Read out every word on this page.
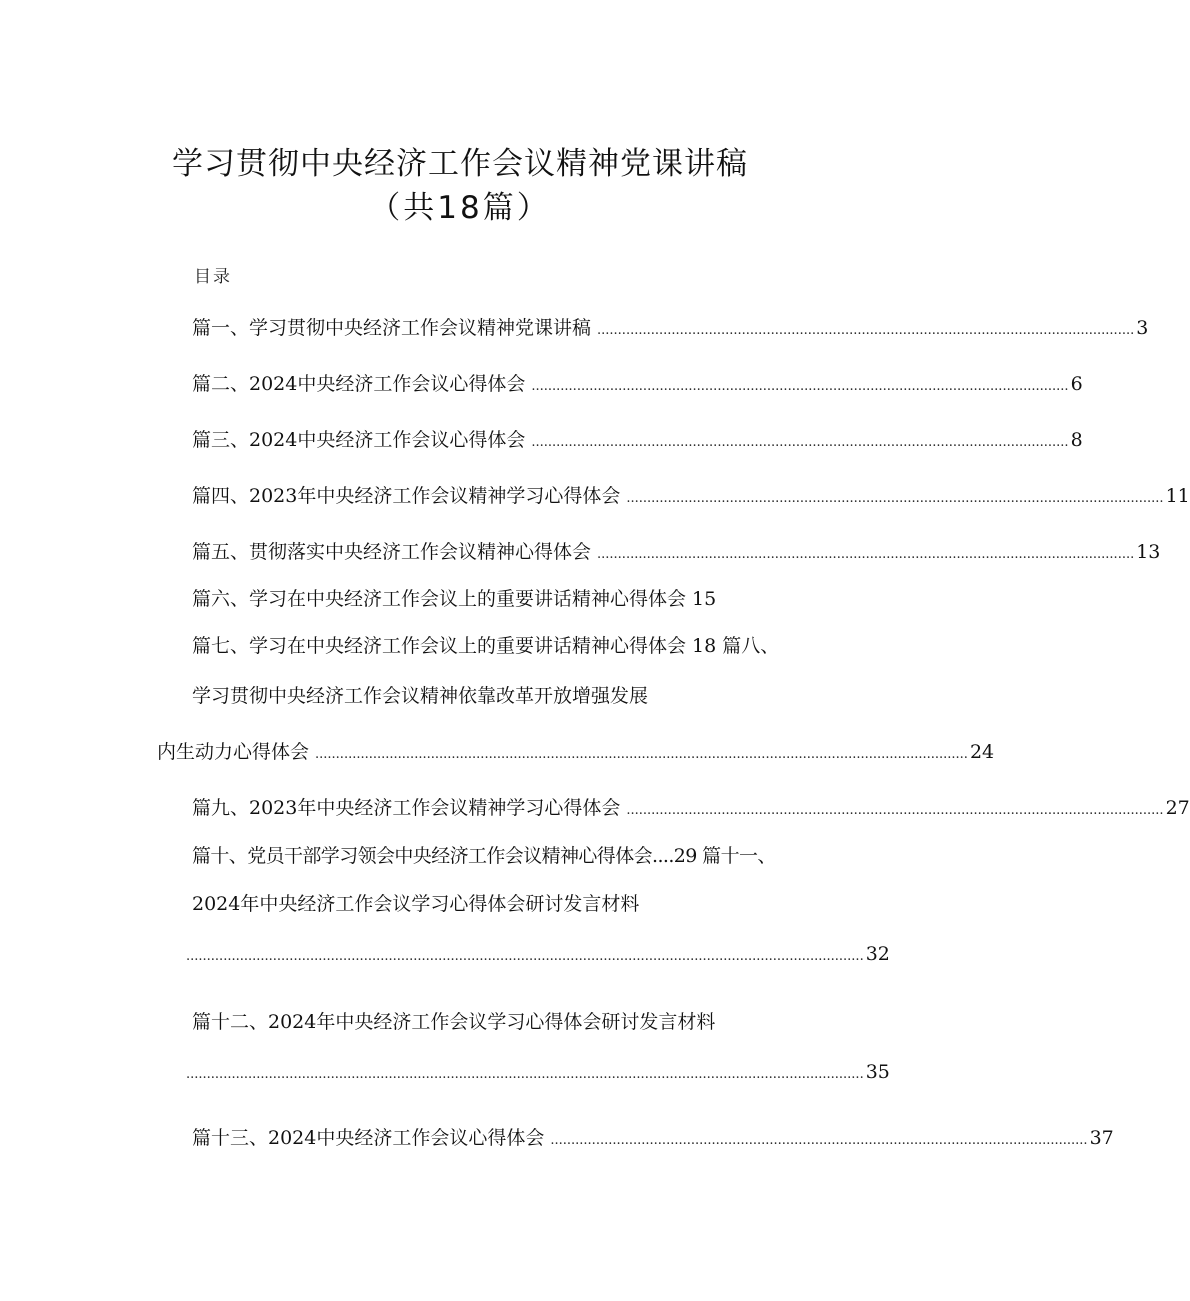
学习贯彻中央经济工作会议精神党课讲稿
（共18篇）
目录
篇一、学习贯彻中央经济工作会议精神党课讲稿 .................................................................................................................................. 3
篇二、2024中央经济工作会议心得体会 .................................................................................................................................. 6
篇三、2024中央经济工作会议心得体会 .................................................................................................................................. 8
篇四、2023年中央经济工作会议精神学习心得体会 .................................................................................................................................. 11
篇五、贯彻落实中央经济工作会议精神心得体会 .................................................................................................................................. 13
篇六、学习在中央经济工作会议上的重要讲话精神心得体会 15
篇七、学习在中央经济工作会议上的重要讲话精神心得体会 18 篇八、
学习贯彻中央经济工作会议精神依靠改革开放增强发展
内生动力心得体会 .............................................................................................................................................................. 24
篇九、2023年中央经济工作会议精神学习心得体会 .................................................................................................................................. 27
篇十、党员干部学习领会中央经济工作会议精神心得体会....29 篇十一、
2024年中央经济工作会议学习心得体会研讨发言材料
.................................................................................................................................................................... 32
篇十二、2024年中央经济工作会议学习心得体会研讨发言材料
.................................................................................................................................................................... 35
篇十三、2024中央经济工作会议心得体会 .................................................................................................................................. 37
